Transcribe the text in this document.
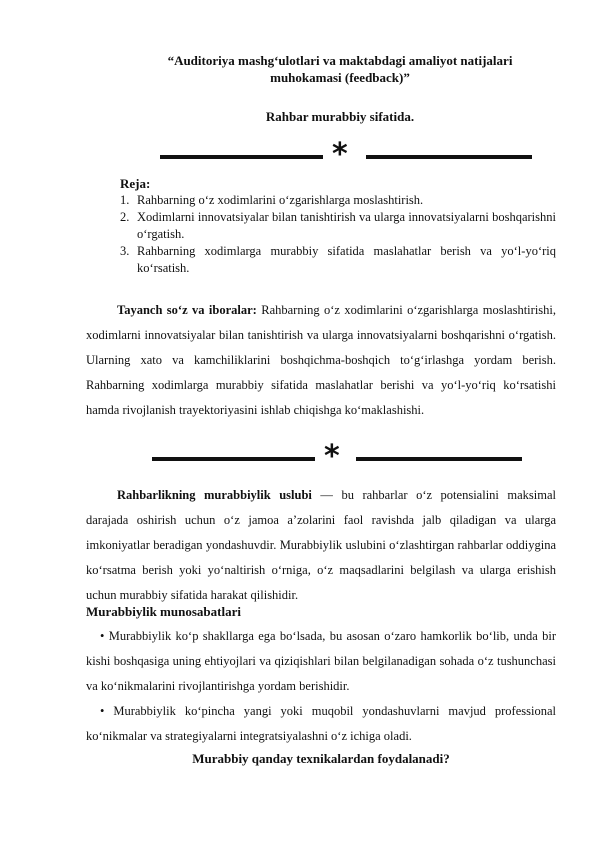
“Auditoriya mashg‘ulotlari va maktabdagi amaliyot natijalari
muhokamasi (feedback)”
Rahbar murabbiy sifatida.
*
Reja:
1. Rahbarning o‘z xodimlarini o‘zgarishlarga moslashtirish.
2. Xodimlarni innovatsiyalar bilan tanishtirish va ularga innovatsiyalarni boshqarishni o‘rgatish.
3. Rahbarning xodimlarga murabbiy sifatida maslahatlar berish va yo‘l-yo‘riq ko‘rsatish.

Tayanch so‘z va iboralar: Rahbarning o‘z xodimlarini o‘zgarishlarga moslashtirishi, xodimlarni innovatsiyalar bilan tanishtirish va ularga innovatsiyalarni boshqarishni o‘rgatish. Ularning xato va kamchiliklarini boshqichma-boshqich to‘g‘irlashga yordam berish. Rahbarning xodimlarga murabbiy sifatida maslahatlar berishi va yo‘l-yo‘riq ko‘rsatishi hamda rivojlanish trayektoriyasini ishlab chiqishga ko‘maklashishi.

*

Rahbarlikning murabbiylik uslubi — bu rahbarlar o‘z potensialini maksimal darajada oshirish uchun o‘z jamoa a’zolarini faol ravishda jalb qiladigan va ularga imkoniyatlar beradigan yondashuvdir. Murabbiylik uslubini o‘zlashtirgan rahbarlar oddiygina ko‘rsatma berish yoki yo‘naltirish o‘rniga, o‘z maqsadlarini belgilash va ularga erishish uchun murabbiy sifatida harakat qilishidir.

Murabbiylik munosabatlari

• Murabbiylik ko‘p shakllarga ega bo‘lsada, bu asosan o‘zaro hamkorlik bo‘lib, unda bir kishi boshqasiga uning ehtiyojlari va qiziqishlari bilan belgilanadigan sohada o‘z tushunchasi va ko‘nikmalarini rivojlantirishga yordam berishidir.

• Murabbiylik ko‘pincha yangi yoki muqobil yondashuvlarni mavjud professional ko‘nikmalar va strategiyalarni integratsiyalashni o‘z ichiga oladi.

Murabbiy qanday texnikalardan foydalanadi?
